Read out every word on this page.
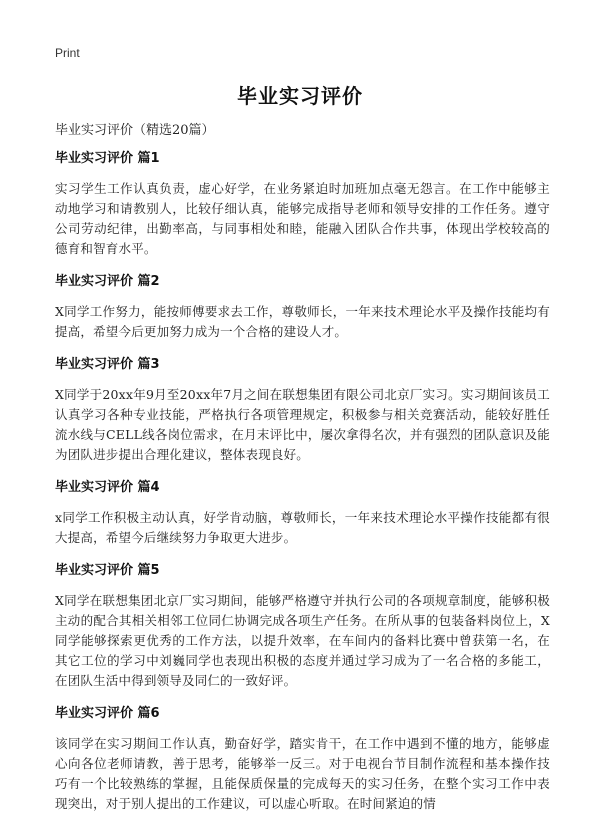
Print
毕业实习评价
毕业实习评价（精选20篇）
毕业实习评价 篇1

实习学生工作认真负责，虚心好学，在业务紧迫时加班加点毫无怨言。在工作中能够主动地学习和请教别人，比较仔细认真，能够完成指导老师和领导安排的工作任务。遵守公司劳动纪律，出勤率高，与同事相处和睦，能融入团队合作共事，体现出学校较高的德育和智育水平。

毕业实习评价 篇2

X同学工作努力，能按师傅要求去工作，尊敬师长，一年来技术理论水平及操作技能均有提高，希望今后更加努力成为一个合格的建设人才。

毕业实习评价 篇3

X同学于20xx年9月至20xx年7月之间在联想集团有限公司北京厂实习。实习期间该员工认真学习各种专业技能，严格执行各项管理规定，积极参与相关竞赛活动，能较好胜任流水线与CELL线各岗位需求，在月末评比中，屡次拿得名次，并有强烈的团队意识及能为团队进步提出合理化建议，整体表现良好。

毕业实习评价 篇4

x同学工作积极主动认真，好学肯动脑，尊敬师长，一年来技术理论水平操作技能都有很大提高，希望今后继续努力争取更大进步。

毕业实习评价 篇5

X同学在联想集团北京厂实习期间，能够严格遵守并执行公司的各项规章制度，能够积极主动的配合其相关相邻工位同仁协调完成各项生产任务。在所从事的包装备料岗位上，X同学能够探索更优秀的工作方法，以提升效率，在车间内的备料比赛中曾获第一名，在其它工位的学习中刘巍同学也表现出积极的态度并通过学习成为了一名合格的多能工，在团队生活中得到领导及同仁的一致好评。

毕业实习评价 篇6

该同学在实习期间工作认真，勤奋好学，踏实肯干，在工作中遇到不懂的地方，能够虚心向各位老师请教，善于思考，能够举一反三。对于电视台节目制作流程和基本操作技巧有一个比较熟练的掌握，且能保质保量的完成每天的实习任务，在整个实习工作中表现突出，对于别人提出的工作建议，可以虚心听取。在时间紧迫的情
